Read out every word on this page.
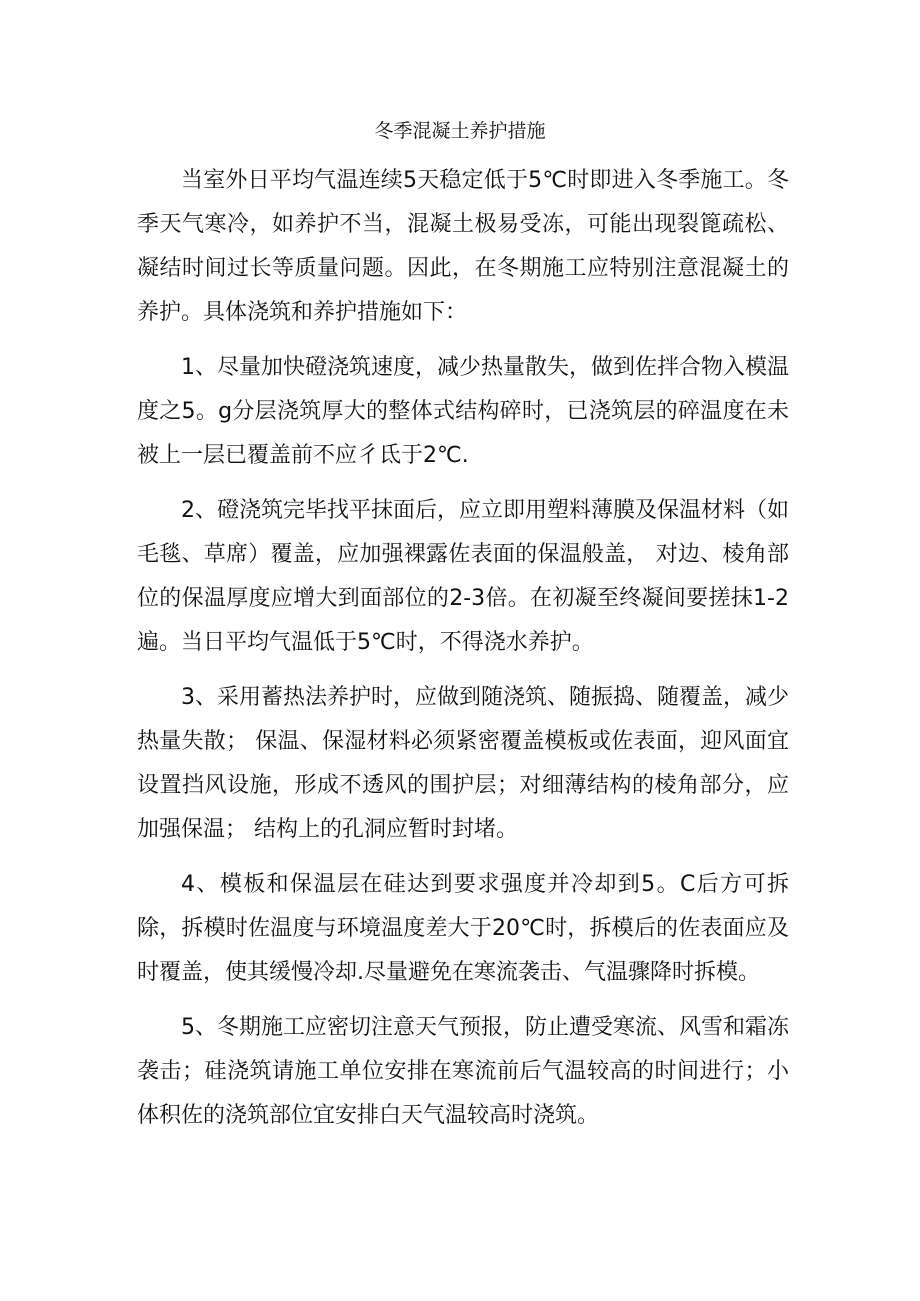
冬季混凝土养护措施

当室外日平均气温连续5天稳定低于5℃时即进入冬季施工。冬季天气寒冷，如养护不当，混凝土极易受冻，可能出现裂篦疏松、凝结时间过长等质量问题。因此，在冬期施工应特别注意混凝土的养护。具体浇筑和养护措施如下：

1、尽量加快磴浇筑速度，减少热量散失，做到佐拌合物入模温度之5。g分层浇筑厚大的整体式结构碎时，已浇筑层的碎温度在未被上一层已覆盖前不应彳氐于2℃.

2、磴浇筑完毕找平抹面后，应立即用塑料薄膜及保温材料（如毛毯、草席）覆盖，应加强裸露佐表面的保温般盖， 对边、棱角部位的保温厚度应增大到面部位的2-3倍。在初凝至终凝间要搓抹1-2遍。当日平均气温低于5℃时，不得浇水养护。

3、采用蓄热法养护时，应做到随浇筑、随振捣、随覆盖，减少热量失散； 保温、保湿材料必须紧密覆盖模板或佐表面，迎风面宜设置挡风设施，形成不透风的围护层；对细薄结构的棱角部分，应加强保温； 结构上的孔洞应暂时封堵。

4、模板和保温层在硅达到要求强度并冷却到5。C后方可拆除，拆模时佐温度与环境温度差大于20℃时，拆模后的佐表面应及时覆盖，使其缓慢冷却.尽量避免在寒流袭击、气温骤降时拆模。

5、冬期施工应密切注意天气预报，防止遭受寒流、风雪和霜冻袭击；硅浇筑请施工单位安排在寒流前后气温较高的时间进行；小体积佐的浇筑部位宜安排白天气温较高时浇筑。
